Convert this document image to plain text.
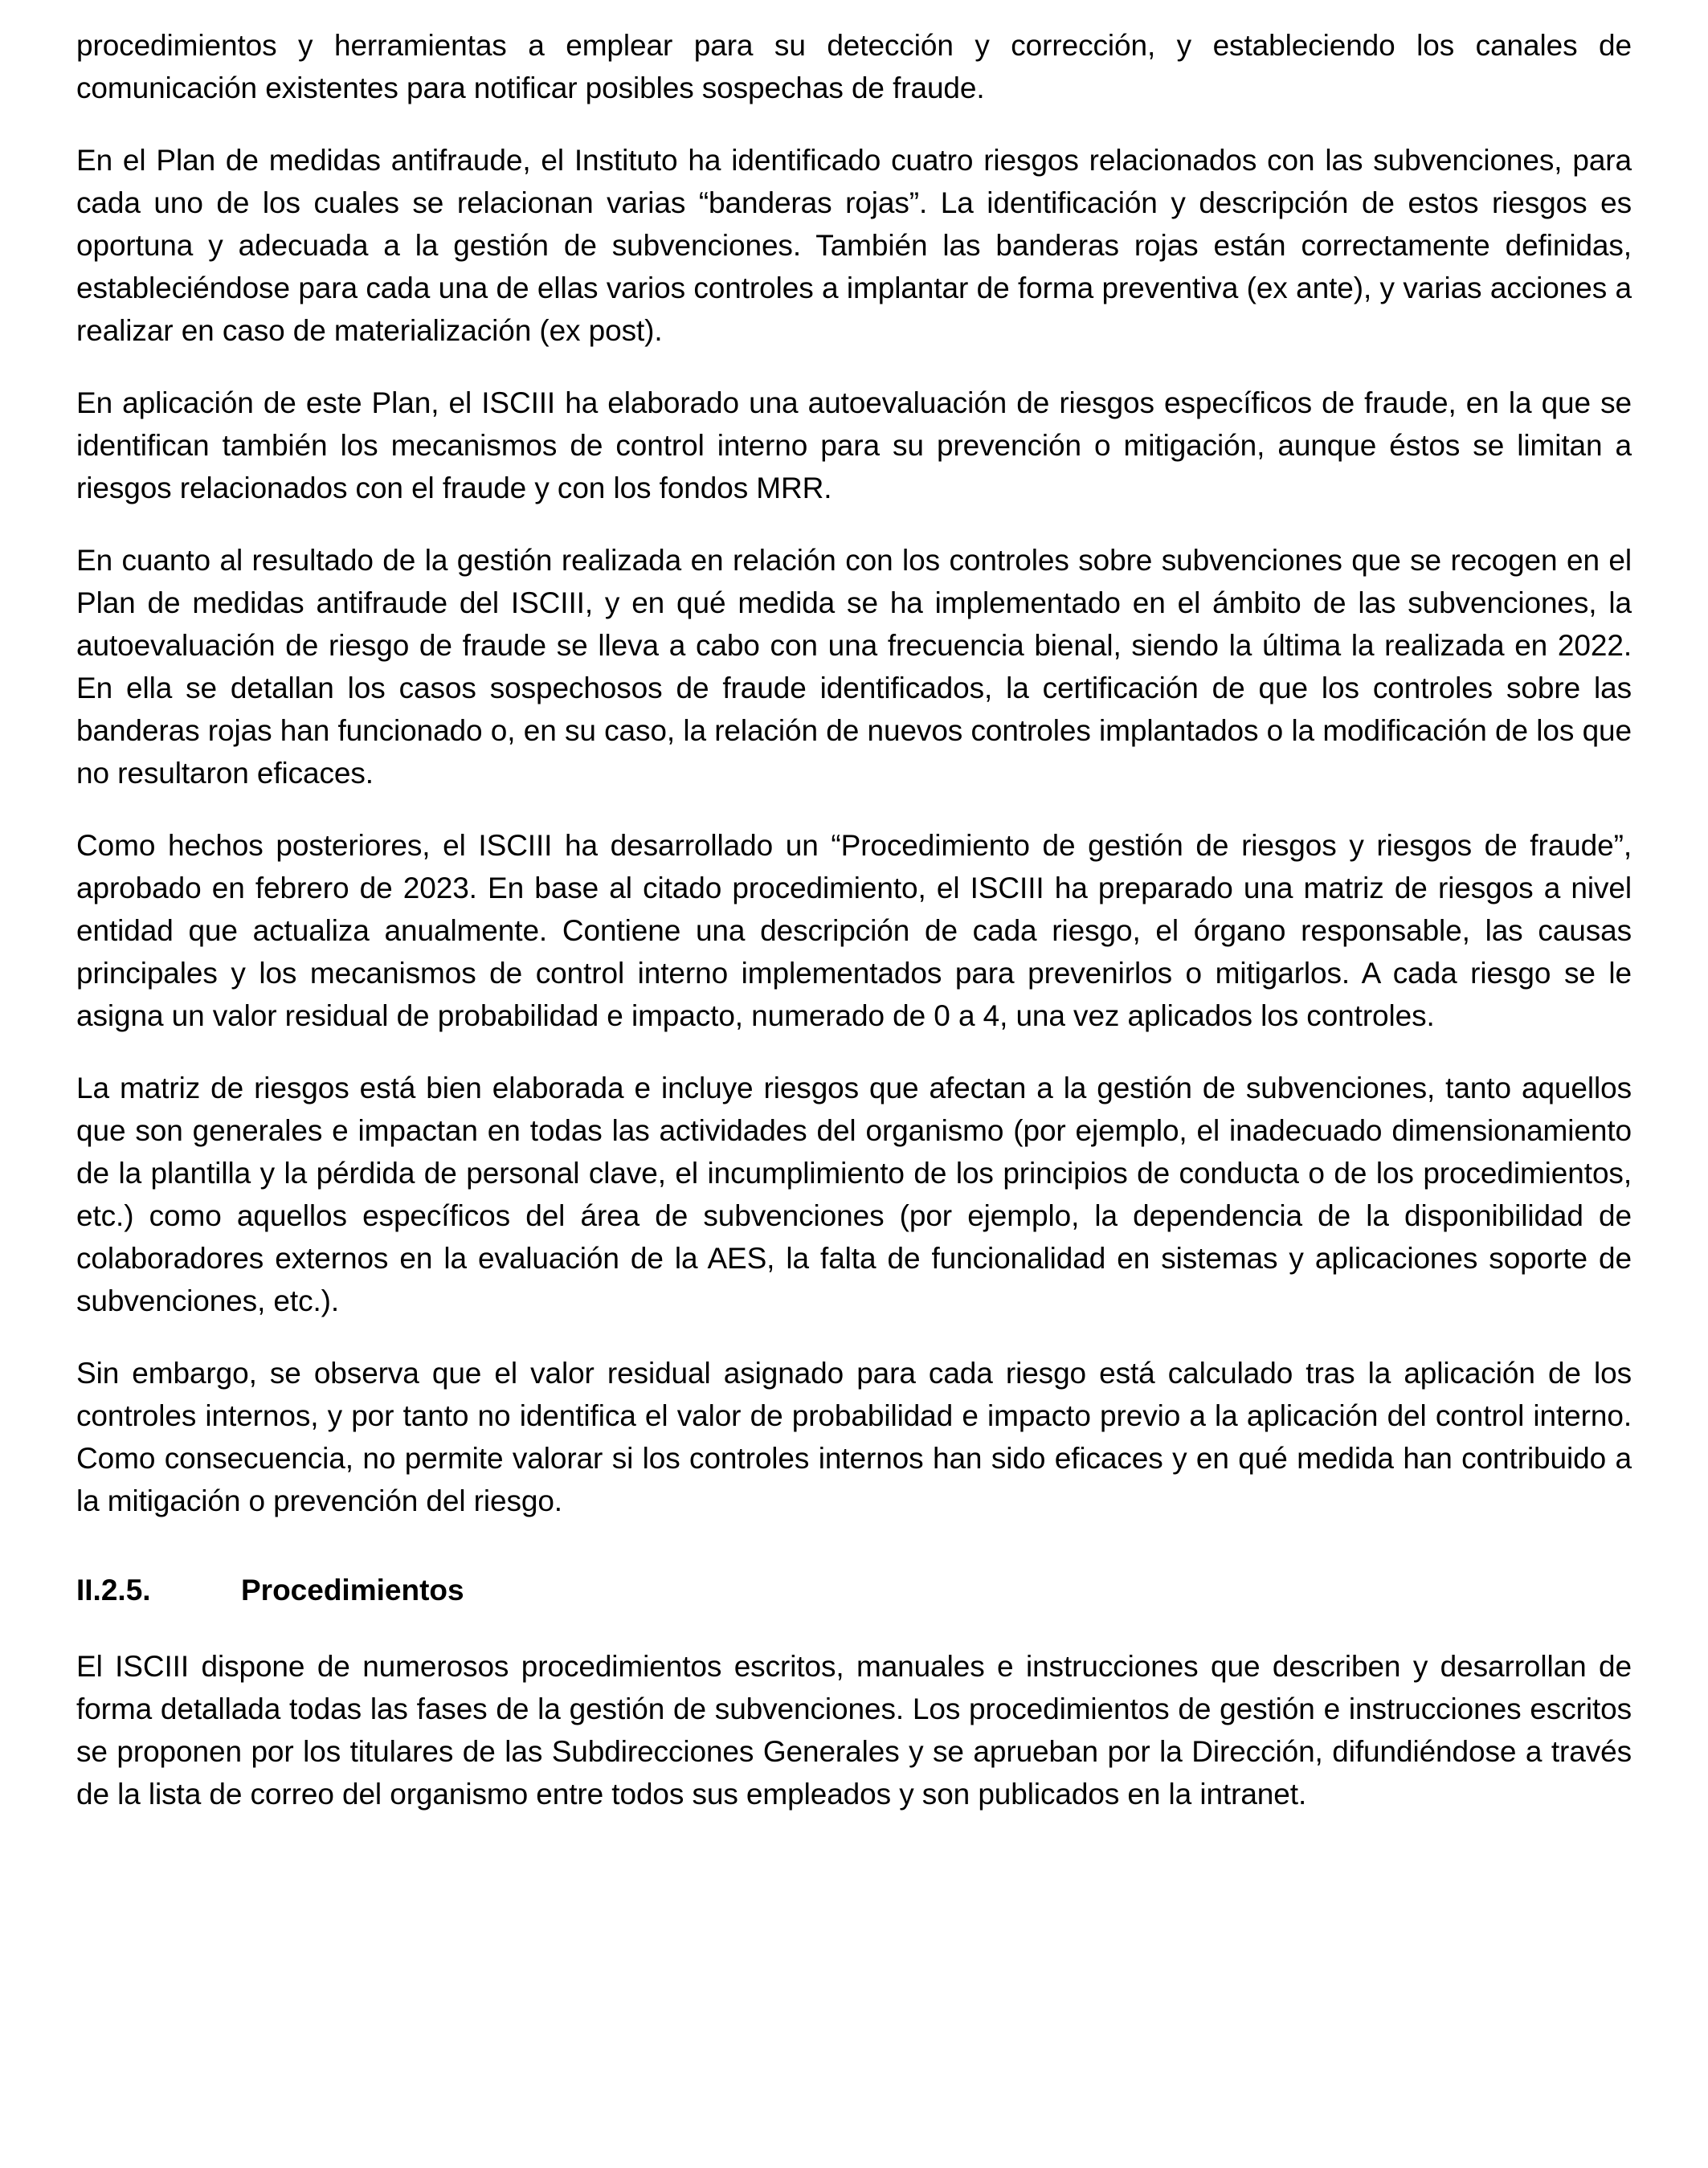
procedimientos y herramientas a emplear para su detección y corrección, y estableciendo los canales de comunicación existentes para notificar posibles sospechas de fraude.

En el Plan de medidas antifraude, el Instituto ha identificado cuatro riesgos relacionados con las subvenciones, para cada uno de los cuales se relacionan varias “banderas rojas”. La identificación y descripción de estos riesgos es oportuna y adecuada a la gestión de subvenciones. También las banderas rojas están correctamente definidas, estableciéndose para cada una de ellas varios controles a implantar de forma preventiva (ex ante), y varias acciones a realizar en caso de materialización (ex post).

En aplicación de este Plan, el ISCIII ha elaborado una autoevaluación de riesgos específicos de fraude, en la que se identifican también los mecanismos de control interno para su prevención o mitigación, aunque éstos se limitan a riesgos relacionados con el fraude y con los fondos MRR.

En cuanto al resultado de la gestión realizada en relación con los controles sobre subvenciones que se recogen en el Plan de medidas antifraude del ISCIII, y en qué medida se ha implementado en el ámbito de las subvenciones, la autoevaluación de riesgo de fraude se lleva a cabo con una frecuencia bienal, siendo la última la realizada en 2022. En ella se detallan los casos sospechosos de fraude identificados, la certificación de que los controles sobre las banderas rojas han funcionado o, en su caso, la relación de nuevos controles implantados o la modificación de los que no resultaron eficaces.

Como hechos posteriores, el ISCIII ha desarrollado un “Procedimiento de gestión de riesgos y riesgos de fraude”, aprobado en febrero de 2023. En base al citado procedimiento, el ISCIII ha preparado una matriz de riesgos a nivel entidad que actualiza anualmente. Contiene una descripción de cada riesgo, el órgano responsable, las causas principales y los mecanismos de control interno implementados para prevenirlos o mitigarlos. A cada riesgo se le asigna un valor residual de probabilidad e impacto, numerado de 0 a 4, una vez aplicados los controles.

La matriz de riesgos está bien elaborada e incluye riesgos que afectan a la gestión de subvenciones, tanto aquellos que son generales e impactan en todas las actividades del organismo (por ejemplo, el inadecuado dimensionamiento de la plantilla y la pérdida de personal clave, el incumplimiento de los principios de conducta o de los procedimientos, etc.) como aquellos específicos del área de subvenciones (por ejemplo, la dependencia de la disponibilidad de colaboradores externos en la evaluación de la AES, la falta de funcionalidad en sistemas y aplicaciones soporte de subvenciones, etc.).

Sin embargo, se observa que el valor residual asignado para cada riesgo está calculado tras la aplicación de los controles internos, y por tanto no identifica el valor de probabilidad e impacto previo a la aplicación del control interno. Como consecuencia, no permite valorar si los controles internos han sido eficaces y en qué medida han contribuido a la mitigación o prevención del riesgo.

II.2.5.	Procedimientos

El ISCIII dispone de numerosos procedimientos escritos, manuales e instrucciones que describen y desarrollan de forma detallada todas las fases de la gestión de subvenciones. Los procedimientos de gestión e instrucciones escritos se proponen por los titulares de las Subdirecciones Generales y se aprueban por la Dirección, difundiéndose a través de la lista de correo del organismo entre todos sus empleados y son publicados en la intranet.
